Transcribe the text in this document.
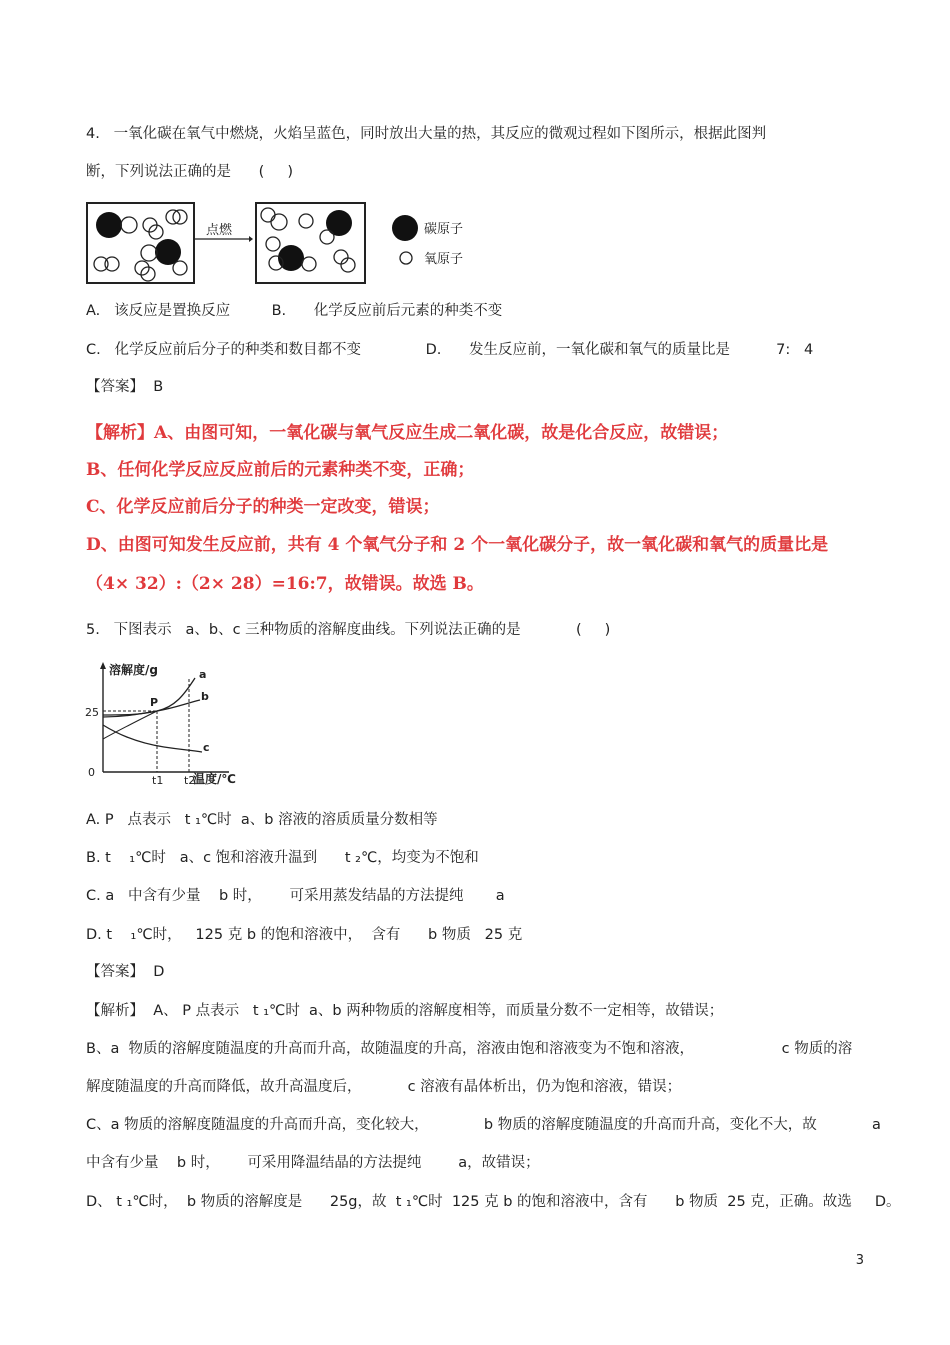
4.   一氧化碳在氧气中燃烧，火焰呈蓝色，同时放出大量的热，其反应的微观过程如下图所示，根据此图判
断，下列说法正确的是      (     )
点燃	碳原子
氧原子
A.   该反应是置换反应         B.      化学反应前后元素的种类不变
C.   化学反应前后分子的种类和数目都不变              D.      发生反应前，一氧化碳和氧气的质量比是          7:   4
【答案】  B
【解析】A、由图可知，一氧化碳与氧气反应生成二氧化碳，故是化合反应，故错误；
B、任何化学反应反应前后的元素种类不变，正确；
C、化学反应前后分子的种类一定改变，错误；
D、由图可知发生反应前，共有 4 个氧气分子和 2 个一氧化碳分子，故一氧化碳和氧气的质量比是
（4× 32）:（2× 28）=16:7，故错误。故选 B。
5.   下图表示   a、b、c 三种物质的溶解度曲线。下列说法正确的是            (     )
溶解度/g
温度/℃
0
25
t1 t2
a
b
c
P
A. P   点表示   t ₁℃时  a、b 溶液的溶质质量分数相等
B. t    ₁℃时   a、c 饱和溶液升温到      t ₂℃，均变为不饱和
C. a   中含有少量    b 时，      可采用蒸发结晶的方法提纯       a
D. t    ₁℃时，   125 克 b 的饱和溶液中，  含有      b 物质   25 克
【答案】  D
【解析】  A、 P 点表示   t ₁℃时  a、b 两种物质的溶解度相等，而质量分数不一定相等，故错误；
B、a  物质的溶解度随温度的升高而升高，故随温度的升高，溶液由饱和溶液变为不饱和溶液，                   c 物质的溶
解度随温度的升高而降低，故升高温度后，          c 溶液有晶体析出，仍为饱和溶液，错误；
C、a 物质的溶解度随温度的升高而升高，变化较大，            b 物质的溶解度随温度的升高而升高，变化不大，故            a
中含有少量    b 时，      可采用降温结晶的方法提纯        a，故错误；
D、 t ₁℃时，  b 物质的溶解度是      25g，故  t ₁℃时  125 克 b 的饱和溶液中，含有      b 物质  25 克，正确。故选     D。
3
